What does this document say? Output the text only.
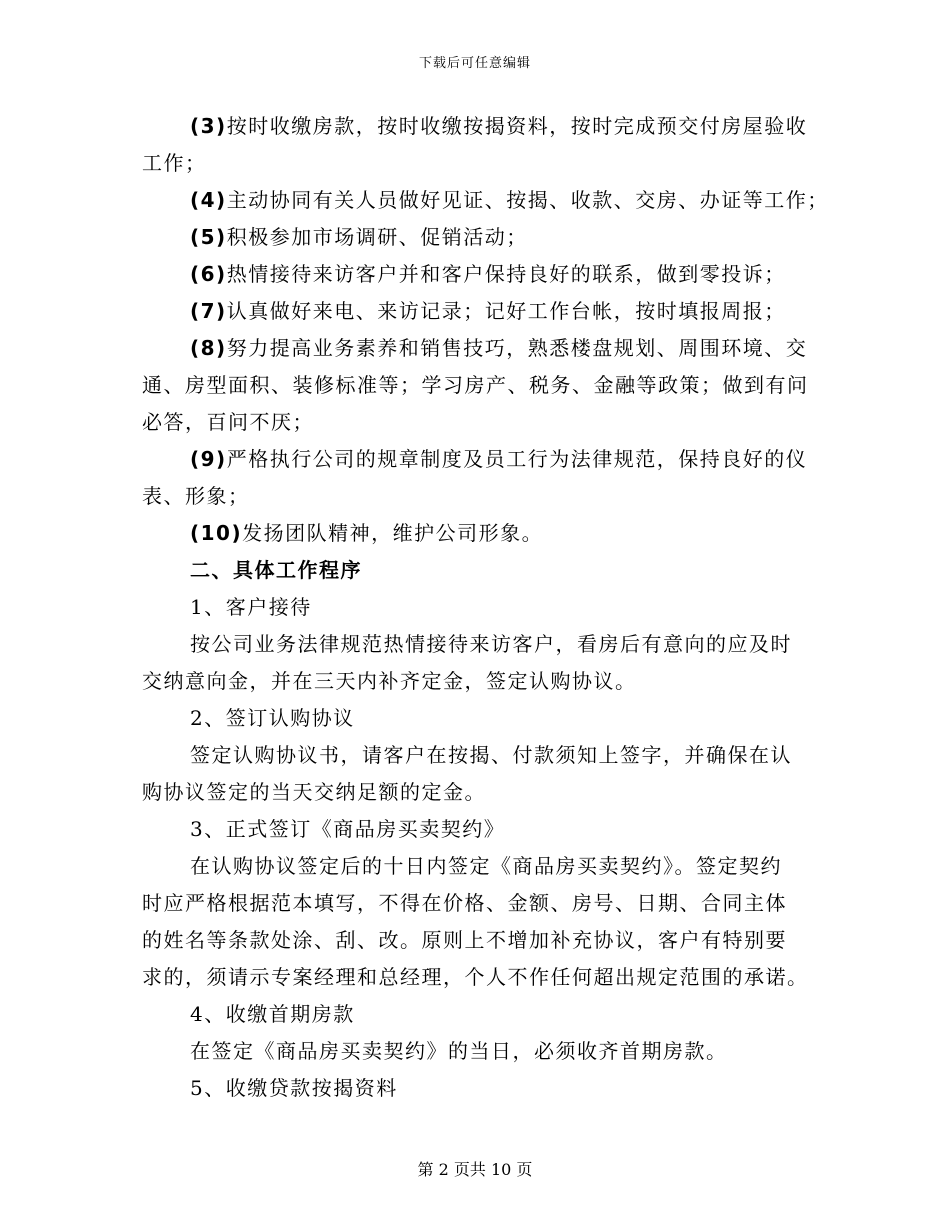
下载后可任意编辑
(3)按时收缴房款，按时收缴按揭资料，按时完成预交付房屋验收
工作；
(4)主动协同有关人员做好见证、按揭、收款、交房、办证等工作；
(5)积极参加市场调研、促销活动；
(6)热情接待来访客户并和客户保持良好的联系，做到零投诉；
(7)认真做好来电、来访记录；记好工作台帐，按时填报周报；
(8)努力提高业务素养和销售技巧，熟悉楼盘规划、周围环境、交
通、房型面积、装修标准等；学习房产、税务、金融等政策；做到有问
必答，百问不厌；
(9)严格执行公司的规章制度及员工行为法律规范，保持良好的仪
表、形象；
(10)发扬团队精神，维护公司形象。
二、具体工作程序
1、客户接待
按公司业务法律规范热情接待来访客户，看房后有意向的应及时
交纳意向金，并在三天内补齐定金，签定认购协议。
2、签订认购协议
签定认购协议书，请客户在按揭、付款须知上签字，并确保在认
购协议签定的当天交纳足额的定金。
3、正式签订《商品房买卖契约》
在认购协议签定后的十日内签定《商品房买卖契约》。签定契约
时应严格根据范本填写，不得在价格、金额、房号、日期、合同主体
的姓名等条款处涂、刮、改。原则上不增加补充协议，客户有特别要
求的，须请示专案经理和总经理，个人不作任何超出规定范围的承诺。
4、收缴首期房款
在签定《商品房买卖契约》的当日，必须收齐首期房款。
5、收缴贷款按揭资料
第 2 页共 10 页
